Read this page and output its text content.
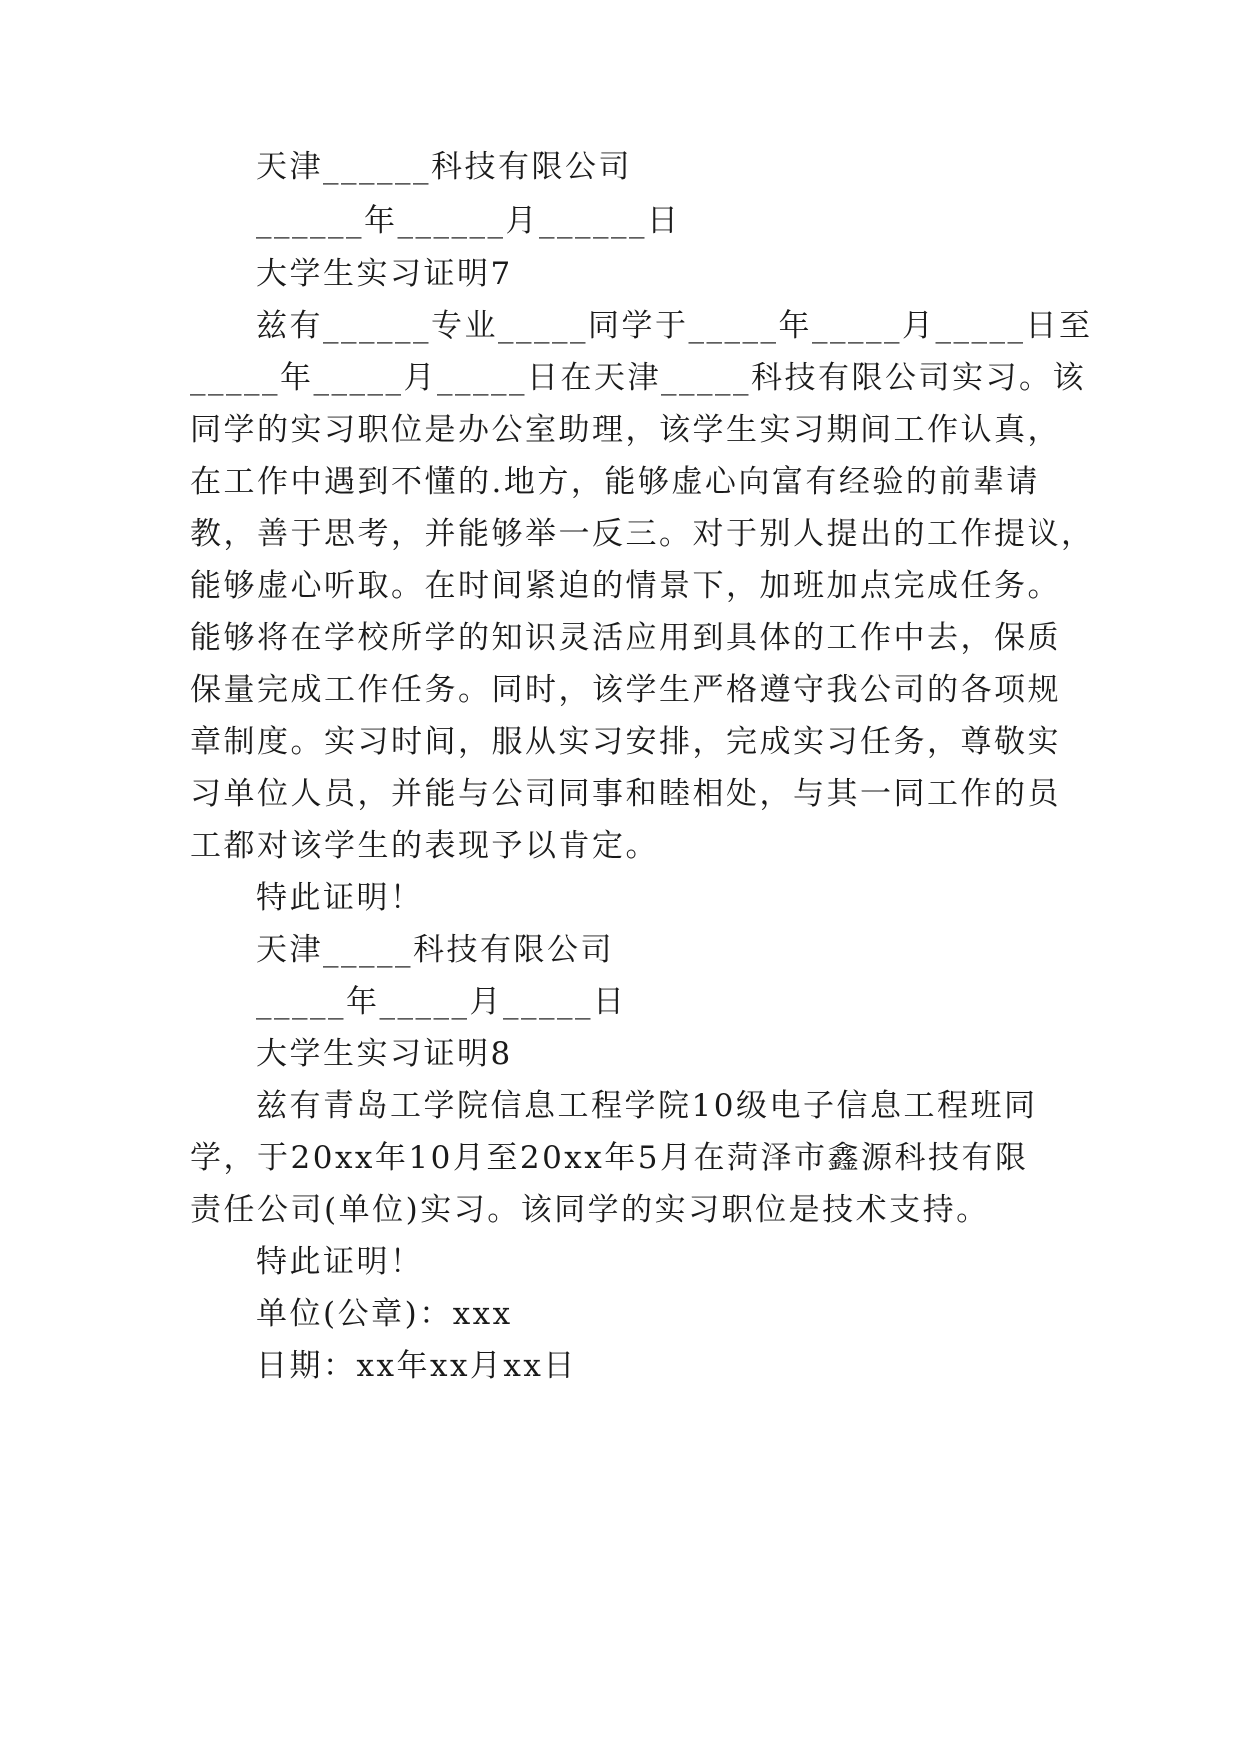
天津______科技有限公司
______年______月______日
大学生实习证明7
兹有______专业_____同学于_____年_____月_____日至
_____年_____月_____日在天津_____科技有限公司实习。该
同学的实习职位是办公室助理，该学生实习期间工作认真，
在工作中遇到不懂的.地方，能够虚心向富有经验的前辈请
教，善于思考，并能够举一反三。对于别人提出的工作提议，
能够虚心听取。在时间紧迫的情景下，加班加点完成任务。
能够将在学校所学的知识灵活应用到具体的工作中去，保质
保量完成工作任务。同时，该学生严格遵守我公司的各项规
章制度。实习时间，服从实习安排，完成实习任务，尊敬实
习单位人员，并能与公司同事和睦相处，与其一同工作的员
工都对该学生的表现予以肯定。
特此证明！
天津_____科技有限公司
_____年_____月_____日
大学生实习证明8
兹有青岛工学院信息工程学院10级电子信息工程班同
学，于20xx年10月至20xx年5月在菏泽市鑫源科技有限
责任公司(单位)实习。该同学的实习职位是技术支持。
特此证明！
单位(公章)：xxx
日期：xx年xx月xx日
